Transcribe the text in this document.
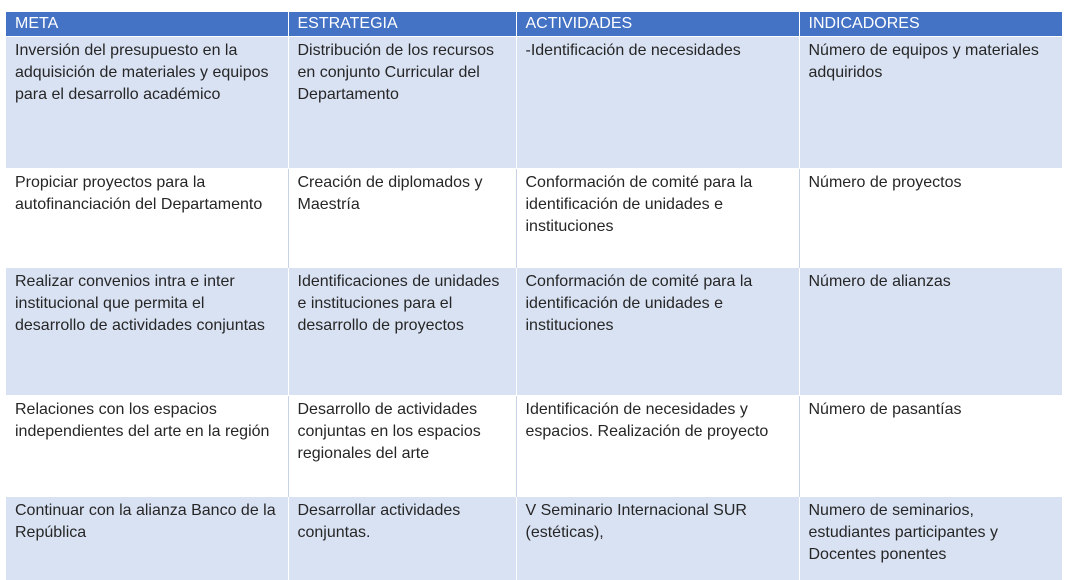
META	ESTRATEGIA	ACTIVIDADES	INDICADORES
Inversión del presupuesto en la adquisición de materiales y equipos para el desarrollo académico	Distribución de los recursos en conjunto Curricular del Departamento	-Identificación de necesidades	Número de equipos y materiales adquiridos
Propiciar proyectos para la autofinanciación del Departamento	Creación de diplomados y Maestría	Conformación de comité para la identificación de unidades e instituciones	Número de proyectos
Realizar convenios intra e inter institucional que permita el desarrollo de actividades conjuntas	Identificaciones de unidades e instituciones para el desarrollo de proyectos	Conformación de comité para la identificación de unidades e instituciones	Número de alianzas
Relaciones con los espacios independientes del arte en la región	Desarrollo de actividades conjuntas en los espacios regionales del arte	Identificación de necesidades y espacios. Realización de proyecto	Número de pasantías
Continuar con la alianza Banco de la República	Desarrollar actividades conjuntas.	V Seminario Internacional SUR (estéticas),	Numero de seminarios, estudiantes participantes y Docentes ponentes
